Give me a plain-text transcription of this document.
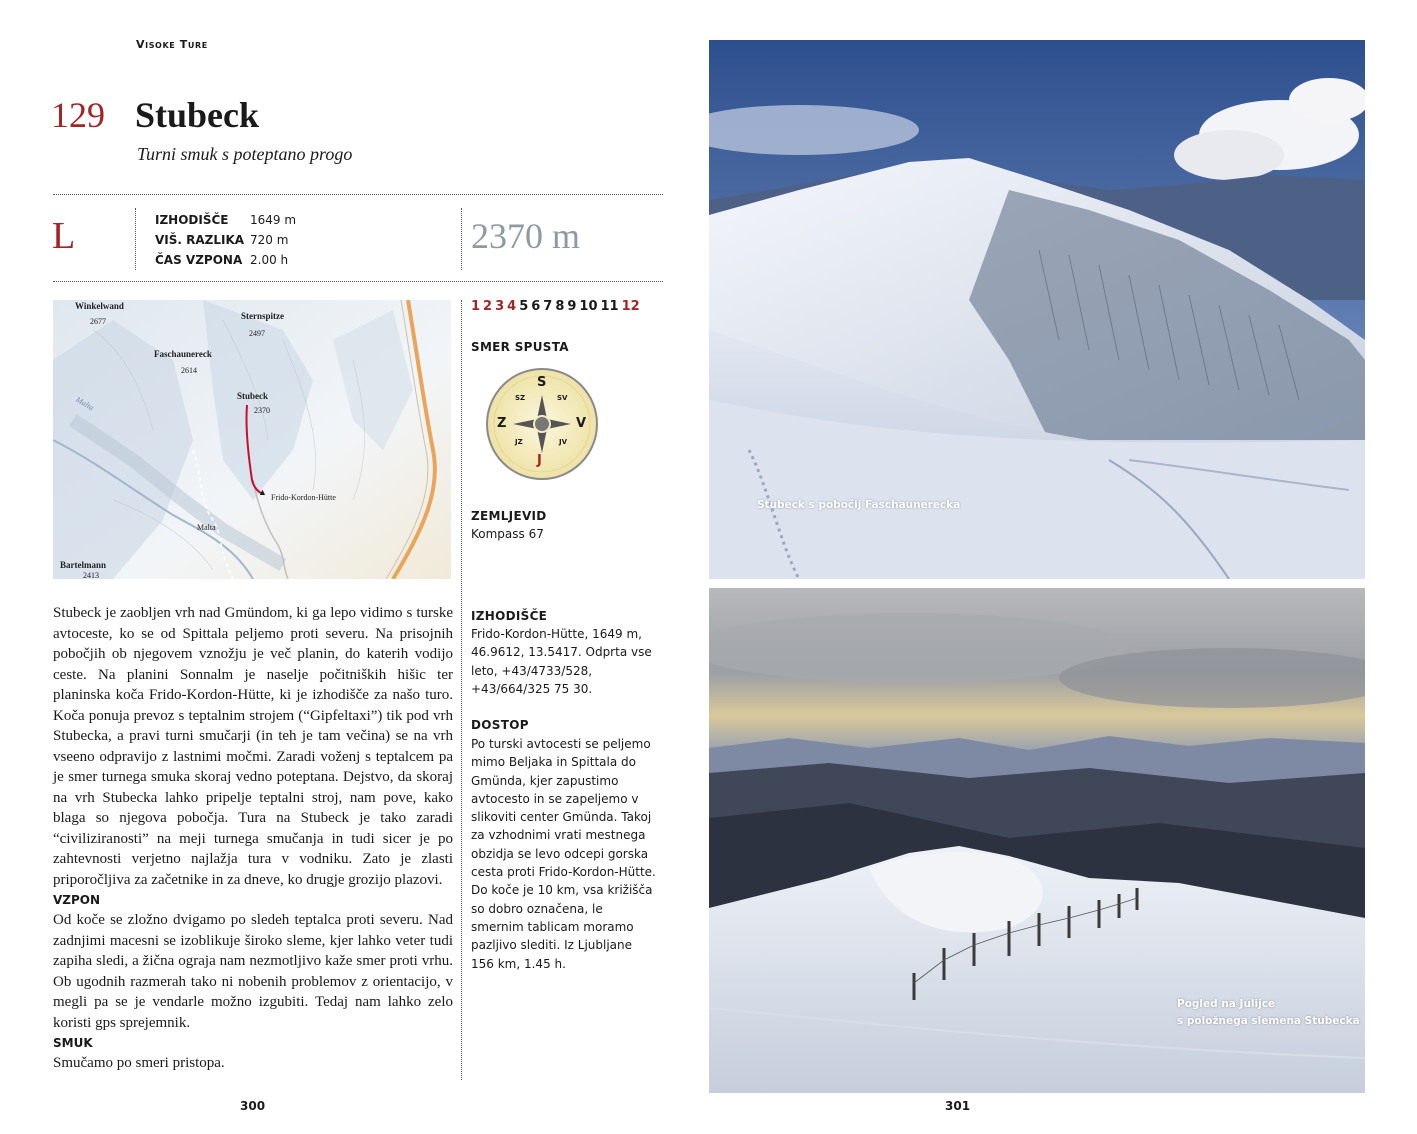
Visoke Ture
129 Stubeck
Turni smuk s poteptano progo
L	IZHODIŠČE 1649 m
VIŠ. RAZLIKA 720 m
ČAS VZPONA 2.00 h
2370 m
Winkelwand
2677
Sternspitze
2497
Faschaunereck
2614
Stubeck
2370
Malta
Frido-Kordon-Hütte
Malta
Bartelmann
2413
▲
1 2 3 4 5 6 7 8 9 10 11 12
SMER SPUSTA
S
J
Z	V
SZ	SV
JZ	JV
ZEMLJEVID
Kompass 67
IZHODIŠČE
Frido-Kordon-Hütte, 1649 m, 46.9612, 13.5417. Odprta vse leto, +43/4733/528, +43/664/325 75 30.
DOSTOP
Po turski avtocesti se peljemo mimo Beljaka in Spittala do Gmünda, kjer zapustimo avtocesto in se zapeljemo v slikoviti center Gmünda. Takoj za vzhodnimi vrati mestnega obzidja se levo odcepi gorska cesta proti Frido-Kordon-Hütte. Do koče je 10 km, vsa križišča so dobro označena, le smernim tablicam moramo pazljivo slediti. Iz Ljubljane 156 km, 1.45 h.

Stubeck je zaobljen vrh nad Gmündom, ki ga lepo vidimo s turske avtoceste, ko se od Spittala peljemo proti severu. Na prisojnih pobočjih ob njegovem vznožju je več planin, do katerih vodijo ceste. Na planini Sonnalm je naselje počitniških hišic ter planinska koča Frido-Kordon-Hütte, ki je izhodišče za našo turo. Koča ponuja prevoz s teptalnim strojem (“Gipfeltaxi”) tik pod vrh Stubecka, a pravi turni smučarji (in teh je tam večina) se na vrh vseeno odpravijo z lastnimi močmi. Zaradi voženj s teptalcem pa je smer turnega smuka skoraj vedno poteptana. Dejstvo, da skoraj na vrh Stubecka lahko pripelje teptalni stroj, nam pove, kako blaga so njegova pobočja. Tura na Stubeck je tako zaradi “civiliziranosti” na meji turnega smučanja in tudi sicer je po zahtevnosti verjetno najlažja tura v vodniku. Zato je zlasti priporočljiva za začetnike in za dneve, ko drugje grozijo plazovi.

VZPON

Od koče se zložno dvigamo po sledeh teptalca proti severu. Nad zadnjimi macesni se izoblikuje široko sleme, kjer lahko veter tudi zapiha sledi, a žična ograja nam nezmotljivo kaže smer proti vrhu. Ob ugodnih razmerah tako ni nobenih problemov z orientacijo, v megli pa se je vendarle možno izgubiti. Tedaj nam lahko zelo koristi gps sprejemnik.

SMUK

Smučamo po smeri pristopa.

300
Stubeck s pobočij Faschaunerecka
Pogled na Julijce
s položnega slemena Stubecka
301
